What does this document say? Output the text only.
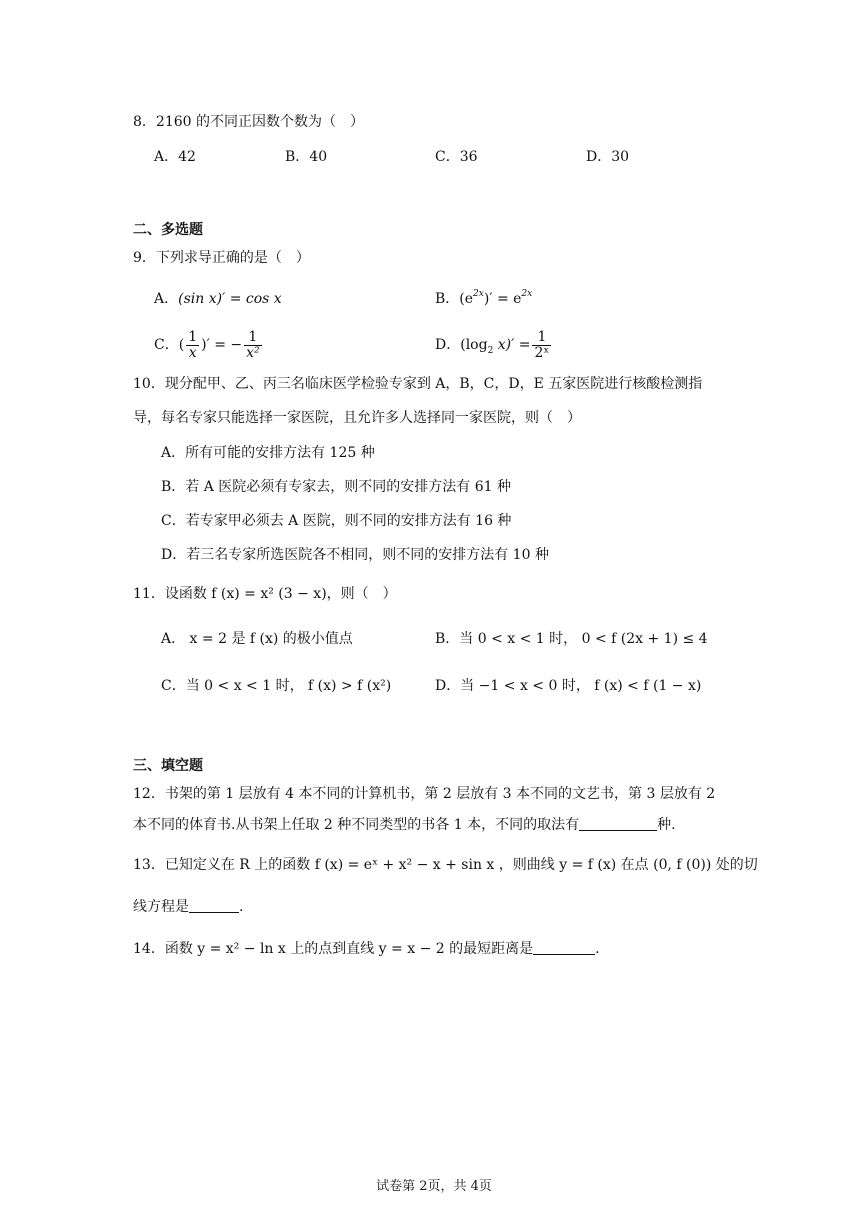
8．2160 的不同正因数个数为（　）
A．42	B．40	C．36	D．30
二、多选题
9．下列求导正确的是（　）
A．(sin x)′ = cos x	B．$(e^{2x})' = e^{2x}$
C．( $\frac{1}{x}$ )′ = − $\frac{1}{\text{x²}}$	D．($\log_2$ $x)' = \frac{1}{\text{2ˣ}}$
10．现分配甲、乙、丙三名临床医学检验专家到 A，B，C，D，E 五家医院进行核酸检测指
导，每名专家只能选择一家医院，且允许多人选择同一家医院，则（　）
A．所有可能的安排方法有 125 种
B．若 A 医院必须有专家去，则不同的安排方法有 61 种
C．若专家甲必须去 A 医院，则不同的安排方法有 16 种
D．若三名专家所选医院各不相同，则不同的安排方法有 10 种
11．设函数 f (x) = x² (3 − x)，则（　）
A． x = 2 是 f (x) 的极小值点	B．当 0 < x < 1 时， 0 < f (2x + 1) ≤ 4
C．当 0 < x < 1 时， f (x) > f (x²)	D．当 −1 < x < 0 时， f (x) < f (1 − x)
三、填空题
12．书架的第 1 层放有 4 本不同的计算机书，第 2 层放有 3 本不同的文艺书，第 3 层放有 2
本不同的体育书.从书架上任取 2 种不同类型的书各 1 本，不同的取法有	种.
13．已知定义在 R 上的函数 f (x) = eˣ + x² − x + sin x ，则曲线 y = f (x) 在点 (0, f (0)) 处的切
线方程是	.
14．函数 y = x² − ln x 上的点到直线 y = x − 2 的最短距离是	.
试卷第 2页，共 4页
